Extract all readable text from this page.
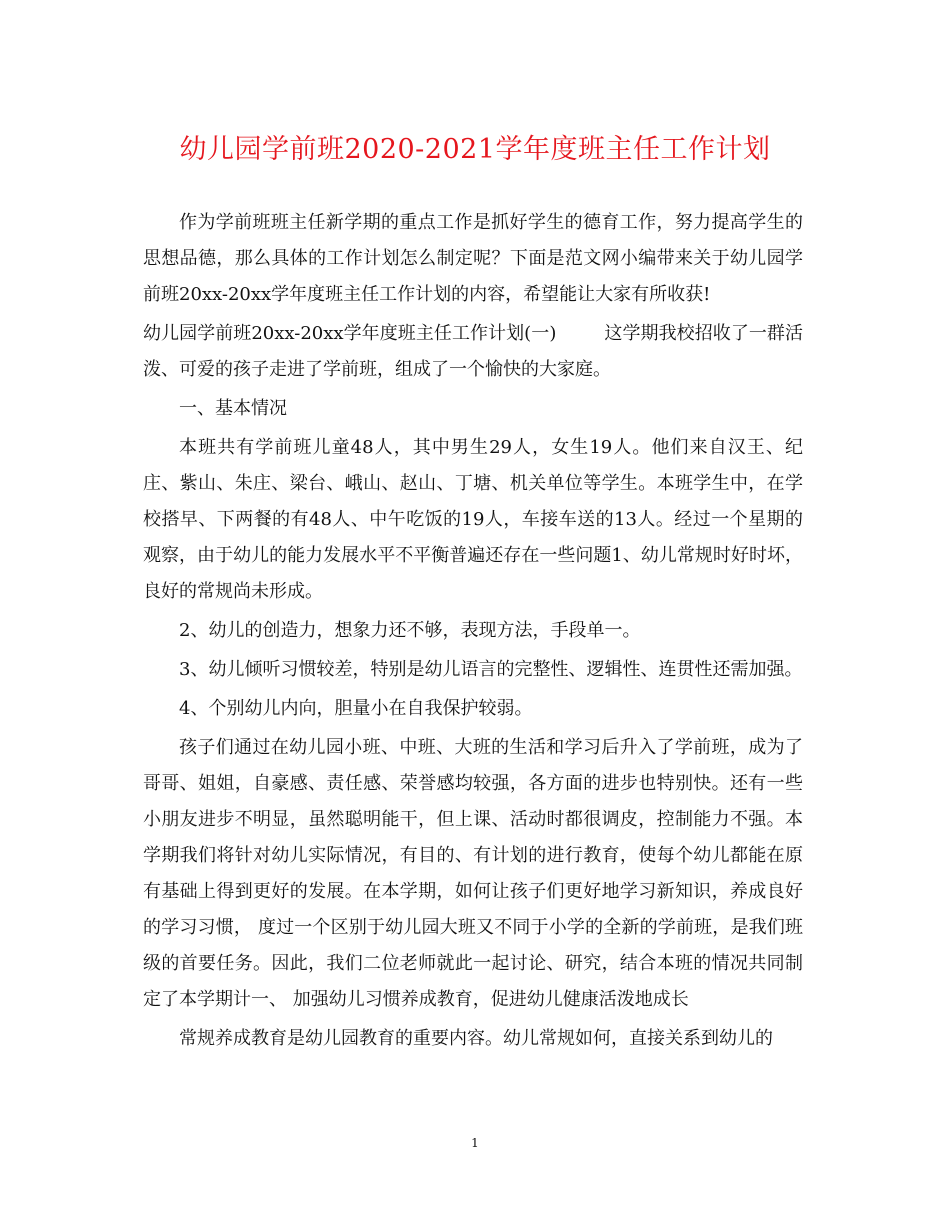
幼儿园学前班2020-2021学年度班主任工作计划

作为学前班班主任新学期的重点工作是抓好学生的德育工作，努力提高学生的思想品德，那么具体的工作计划怎么制定呢？下面是范文网小编带来关于幼儿园学前班20xx-20xx学年度班主任工作计划的内容，希望能让大家有所收获!

幼儿园学前班20xx-20xx学年度班主任工作计划(一)	这学期我校招收了一群活泼、可爱的孩子走进了学前班，组成了一个愉快的大家庭。

一、基本情况

本班共有学前班儿童48人，其中男生29人，女生19人。他们来自汉王、纪庄、紫山、朱庄、梁台、峨山、赵山、丁塘、机关单位等学生。本班学生中，在学校搭早、下两餐的有48人、中午吃饭的19人，车接车送的13人。经过一个星期的观察，由于幼儿的能力发展水平不平衡普遍还存在一些问题1、幼儿常规时好时坏，良好的常规尚未形成。

2、幼儿的创造力，想象力还不够，表现方法，手段单一。

3、幼儿倾听习惯较差，特别是幼儿语言的完整性、逻辑性、连贯性还需加强。

4、个别幼儿内向，胆量小在自我保护较弱。

孩子们通过在幼儿园小班、中班、大班的生活和学习后升入了学前班，成为了哥哥、姐姐，自豪感、责任感、荣誉感均较强，各方面的进步也特别快。还有一些小朋友进步不明显，虽然聪明能干，但上课、活动时都很调皮，控制能力不强。本学期我们将针对幼儿实际情况，有目的、有计划的进行教育，使每个幼儿都能在原有基础上得到更好的发展。在本学期，如何让孩子们更好地学习新知识，养成良好的学习习惯， 度过一个区别于幼儿园大班又不同于小学的全新的学前班，是我们班级的首要任务。因此，我们二位老师就此一起讨论、研究，结合本班的情况共同制定了本学期计一、 加强幼儿习惯养成教育，促进幼儿健康活泼地成长

常规养成教育是幼儿园教育的重要内容。幼儿常规如何，直接关系到幼儿的

1
